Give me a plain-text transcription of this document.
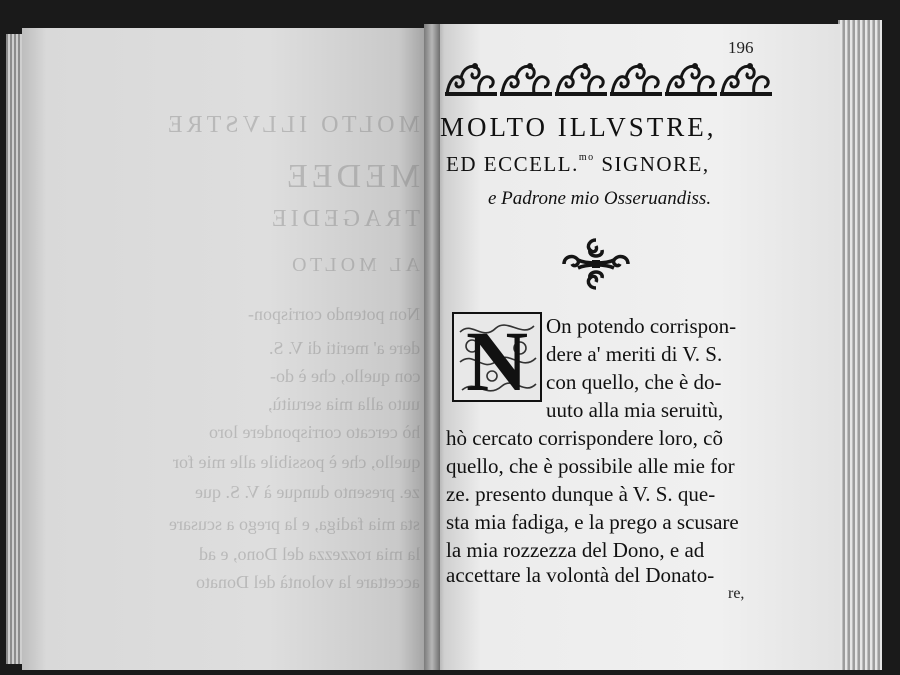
MOLTO ILLVSTRE
MEDEE
TRAGEDIE
AL MOLTO
Non potendo corrispon-
dere a' meriti di V. S.
con quello, che è do-
uuto alla mia seruitù,
hò cercato corrispondere loro
quello, che è possibile alle mie for
ze. presento dunque à V. S. que
sta mia fadiga, e la prego a scusare
la mia rozzezza del Dono, e ad
accettare la volontà del Donato
196
MOLTO ILLVSTRE,
ED ECCELL.$^{mo}$ SIGNORE,
e Padrone mio Osseruandiss.
N On potendo corrispon-
dere a' meriti di V. S.
con quello, che è do-
uuto alla mia seruitù,
hò cercato corrispondere loro, cõ
quello, che è possibile alle mie for
ze. presento dunque à V. S. que-
sta mia fadiga, e la prego a scusare
la mia rozzezza del Dono, e ad
accettare la volontà del Donato-
re,
